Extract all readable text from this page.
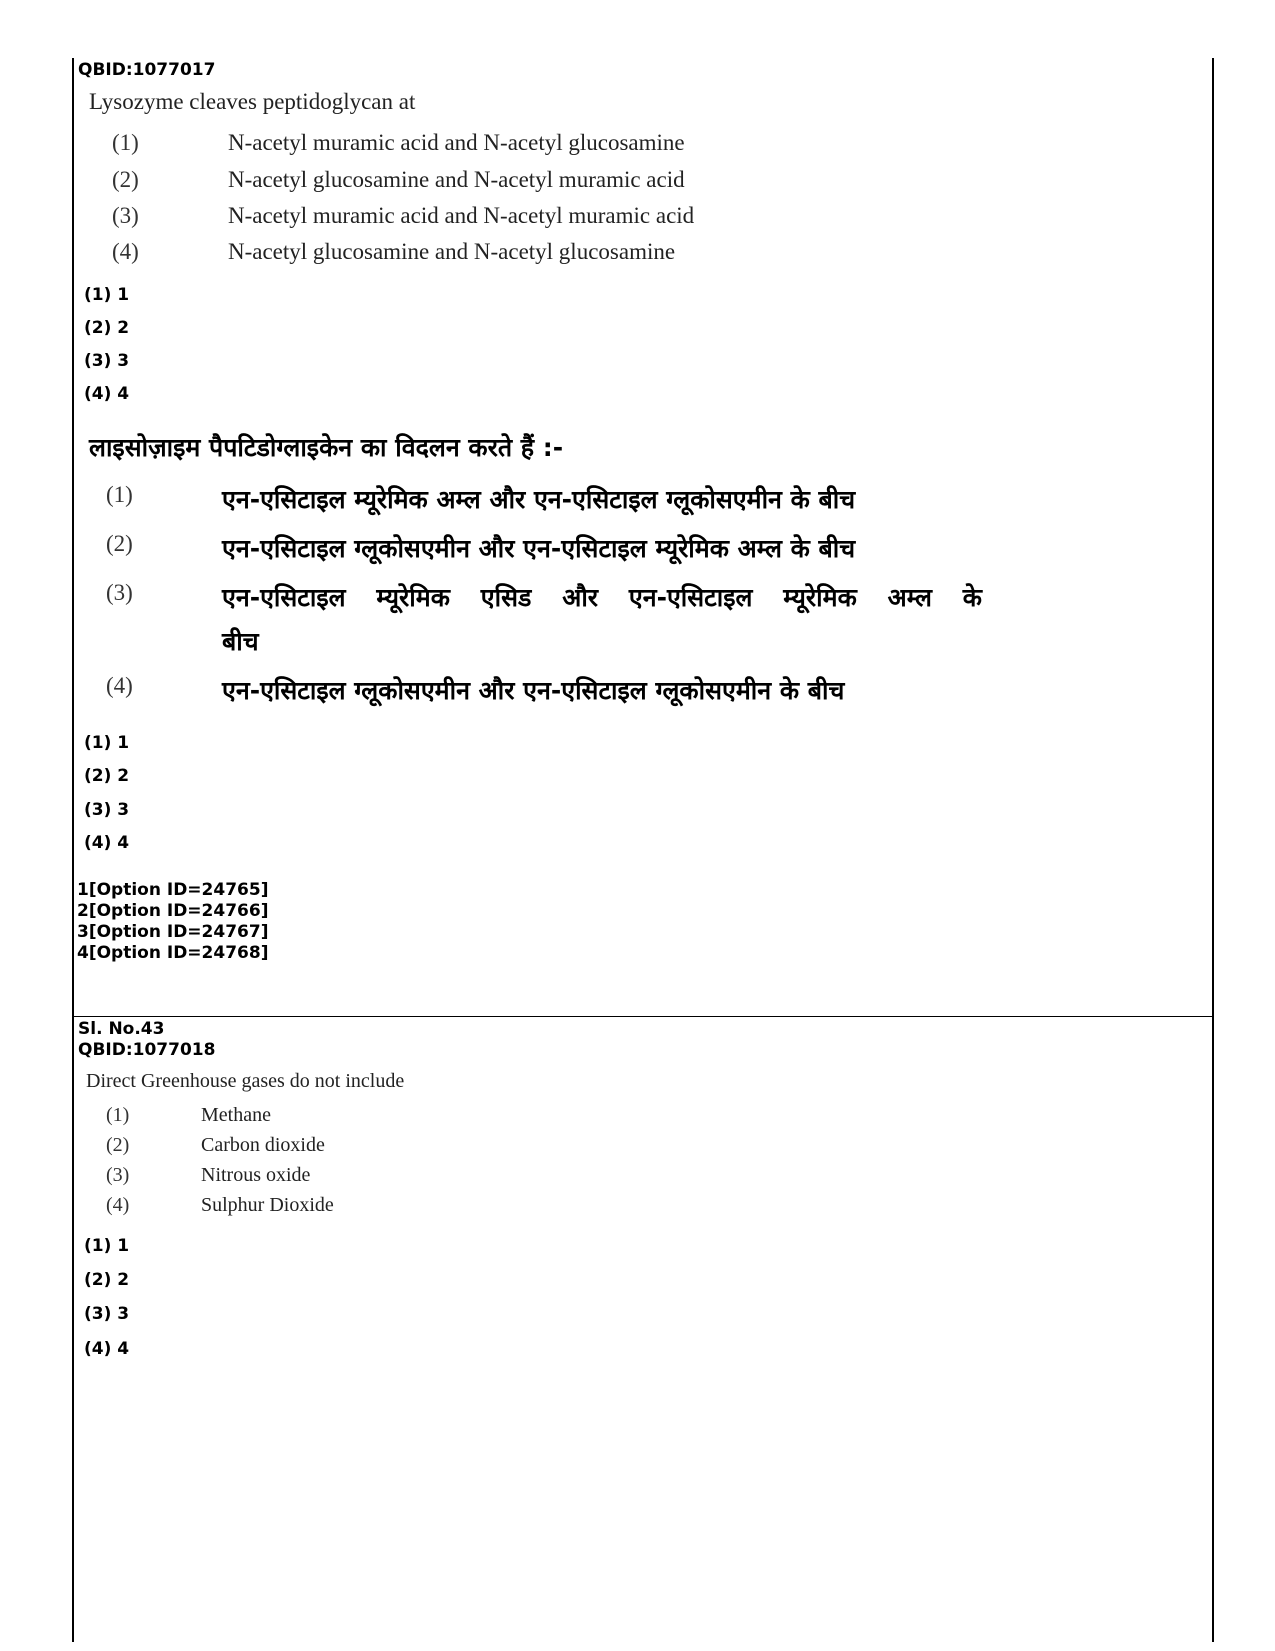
QBID:1077017
Lysozyme cleaves peptidoglycan at
(1)	N-acetyl muramic acid and N-acetyl glucosamine
(2)	N-acetyl glucosamine and N-acetyl muramic acid
(3)	N-acetyl muramic acid and N-acetyl muramic acid
(4)	N-acetyl glucosamine and N-acetyl glucosamine
(1) 1
(2) 2
(3) 3
(4) 4
लाइसोज़ाइम पैपटिडोग्लाइकेन का विदलन करते हैं :-
(1)	एन-एसिटाइल म्यूरेमिक अम्ल और एन-एसिटाइल ग्लूकोसएमीन के बीच
(2)	एन-एसिटाइल ग्लूकोसएमीन और एन-एसिटाइल म्यूरेमिक अम्ल के बीच
(3)	एन-एसिटाइल म्यूरेमिक एसिड और एन-एसिटाइल म्यूरेमिक अम्ल के
बीच
(4)	एन-एसिटाइल ग्लूकोसएमीन और एन-एसिटाइल ग्लूकोसएमीन के बीच
(1) 1
(2) 2
(3) 3
(4) 4
1[Option ID=24765]
2[Option ID=24766]
3[Option ID=24767]
4[Option ID=24768]
Sl. No.43
QBID:1077018
Direct Greenhouse gases do not include
(1)	Methane
(2)	Carbon dioxide
(3)	Nitrous oxide
(4)	Sulphur Dioxide
(1) 1
(2) 2
(3) 3
(4) 4
